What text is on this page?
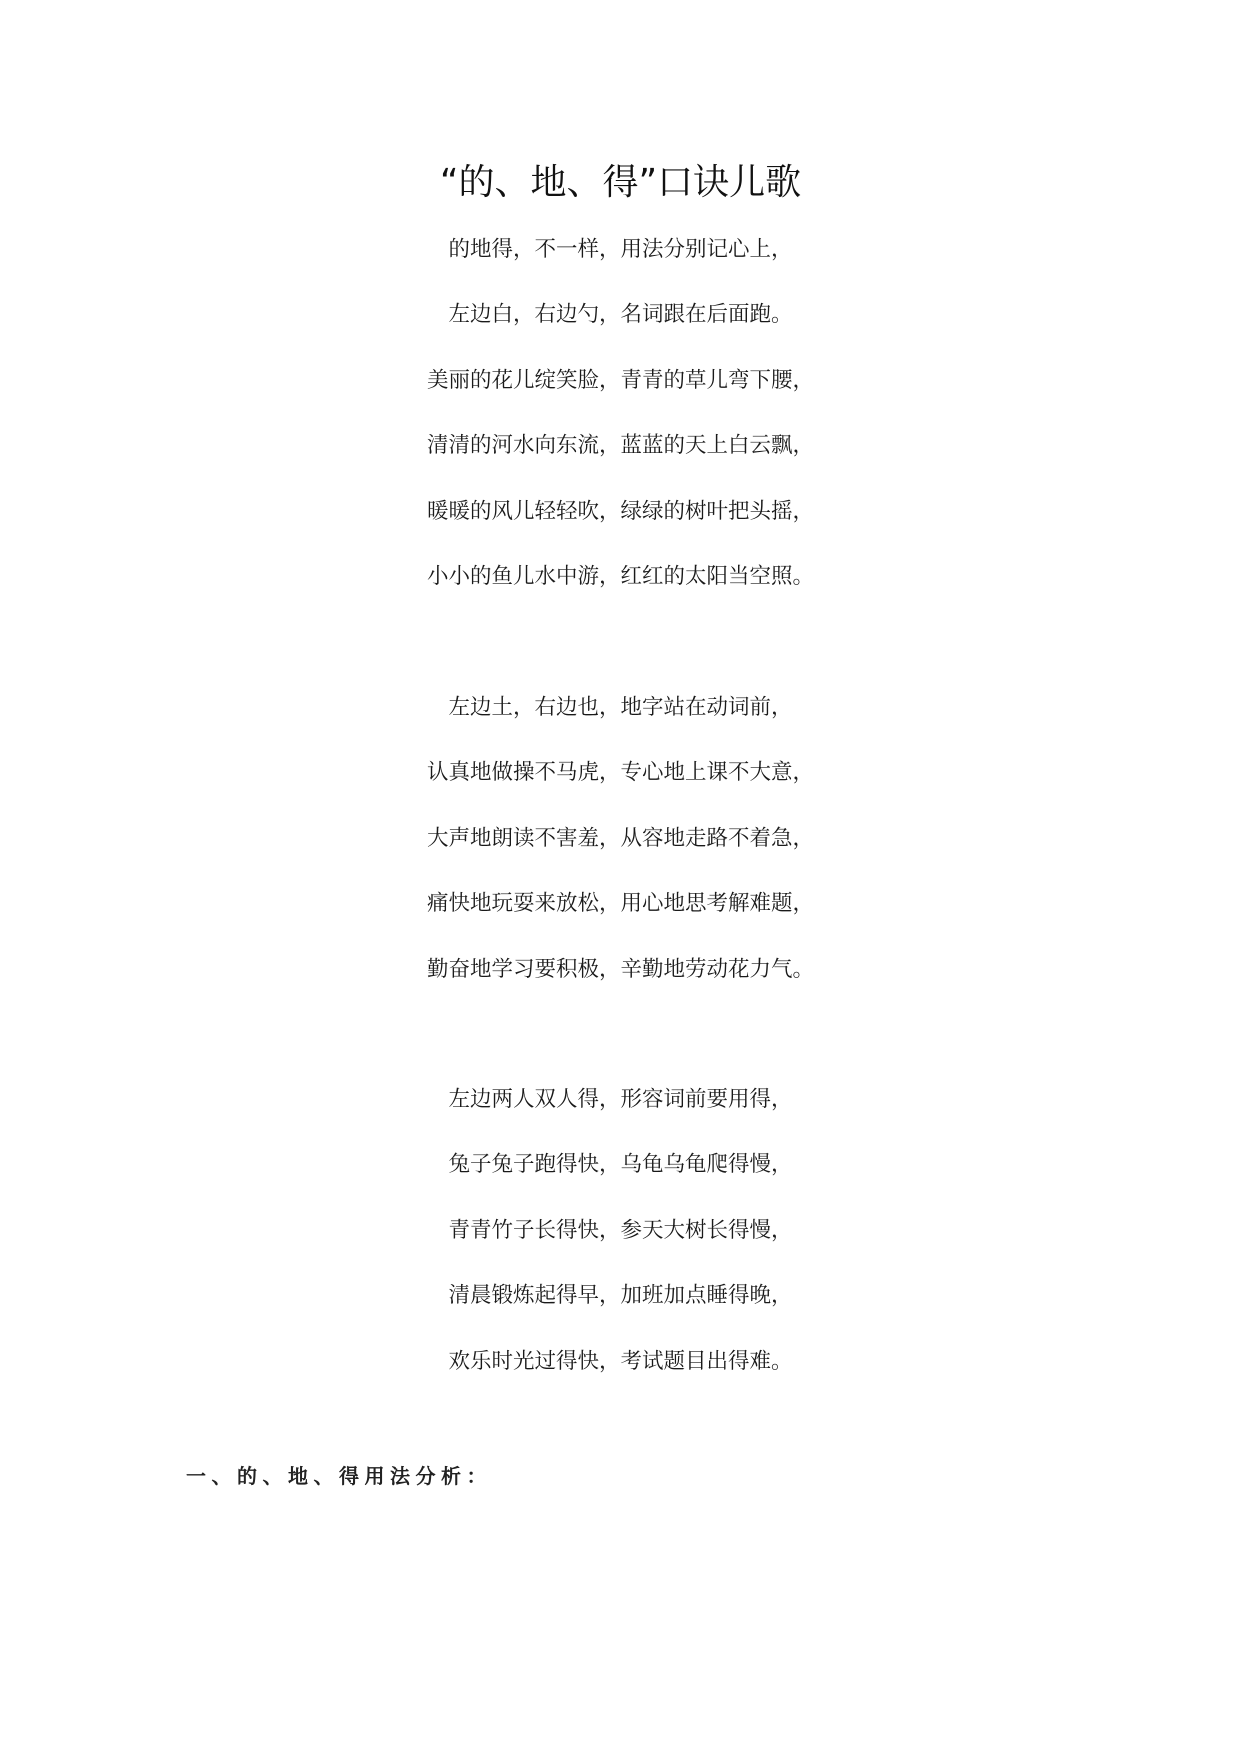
“的、地、得”口诀儿歌
的地得，不一样，用法分别记心上，
左边白，右边勺，名词跟在后面跑。
美丽的花儿绽笑脸，青青的草儿弯下腰，
清清的河水向东流，蓝蓝的天上白云飘，
暖暖的风儿轻轻吹，绿绿的树叶把头摇，
小小的鱼儿水中游，红红的太阳当空照。
左边土，右边也，地字站在动词前，
认真地做操不马虎，专心地上课不大意，
大声地朗读不害羞，从容地走路不着急，
痛快地玩耍来放松，用心地思考解难题，
勤奋地学习要积极，辛勤地劳动花力气。
左边两人双人得，形容词前要用得，
兔子兔子跑得快，乌龟乌龟爬得慢，
青青竹子长得快，参天大树长得慢，
清晨锻炼起得早，加班加点睡得晚，
欢乐时光过得快，考试题目出得难。
一、的、地、得用法分析：
